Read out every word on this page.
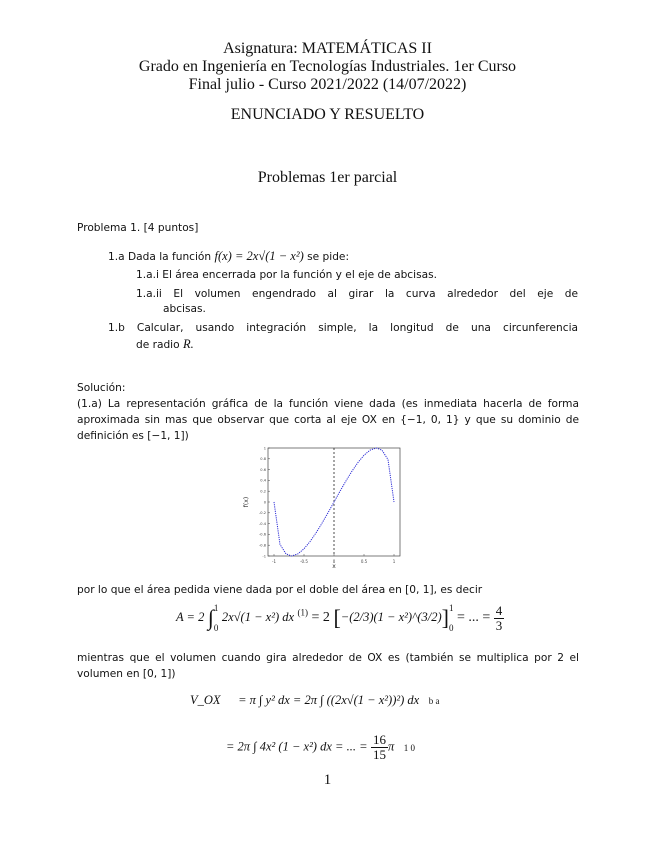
Asignatura: MATEMÁTICAS II
Grado en Ingeniería en Tecnologías Industriales. 1er Curso
Final julio - Curso 2021/2022 (14/07/2022)
ENUNCIADO Y RESUELTO
Problemas 1er parcial
Problema 1. [4 puntos]
1.a Dada la función f(x) = 2x√(1 − x²) se pide:
1.a.i El área encerrada por la función y el eje de abcisas.
1.a.ii El volumen engendrado al girar la curva alrededor del eje de
abcisas.
1.b Calcular, usando integración simple, la longitud de una circunferencia
de radio R.
Solución:
(1.a) La representación gráfica de la función viene dada (es inmediata hacerla de forma
aproximada sin mas que observar que corta al eje OX en {−1, 0, 1} y que su dominio de
definición es [−1, 1])
-1	-0.5	0	0.5	1
-1
-0.8
-0.6
-0.4
-0.2
0
0.2
0.4
0.6
0.8
1
f(x)
x
por lo que el área pedida viene dada por el doble del área en [0, 1], es decir
A = 2 ∫1

0 2x√(1 − x²) dx $^{(1)}$ = 2 [−(2/3)(1 − x²)^(3/2)]1

0 = ... = $\frac{4}{3}$
mientras que el volumen cuando gira alrededor de OX es (también se multiplica por 2 el
volumen en [0, 1])
V_OX = π ∫ y² dx = 2π ∫ ((2x√(1 − x²))²) dx b a
= 2π ∫ 4x² (1 − x²) dx = ... = $\frac{16}{15}$ π 1 0
1
